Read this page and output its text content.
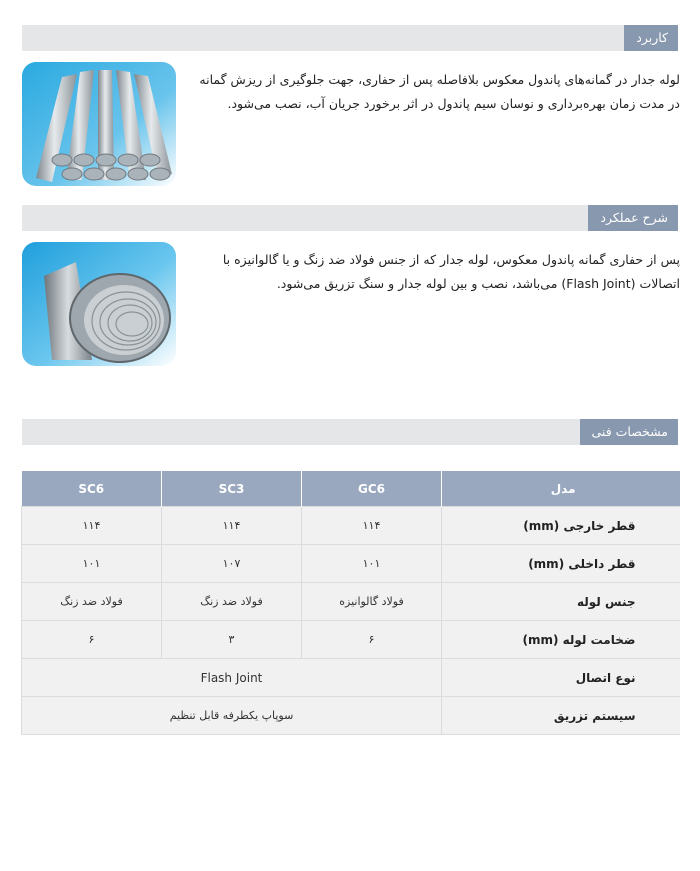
کاربرد
لوله جدار در گمانه‌های پاندول معکوس بلافاصله پس از حفاری، جهت جلوگیری از ریزش گمانه در مدت زمان بهره‌برداری و نوسان سیم پاندول در اثر برخورد جریان آب، نصب می‌شود.
شرح عملکرد
پس از حفاری گمانه پاندول معکوس، لوله جدار که از جنس فولاد ضد زنگ و یا گالوانیزه با اتصالات (Flash Joint) می‌باشد، نصب و بین لوله جدار و سنگ تزریق می‌شود.
مشخصات فنی
مدل	GC6	SC3	SC6
قطر خارجی (mm)	۱۱۴	۱۱۴	۱۱۴
قطر داخلی (mm)	۱۰۱	۱۰۷	۱۰۱
جنس لوله	فولاد گالوانیزه	فولاد ضد زنگ	فولاد ضد زنگ
ضخامت لوله (mm)	۶	۳	۶
نوع اتصال	Flash Joint		
سیستم تزریق	سوپاپ یکطرفه قابل تنظیم		
